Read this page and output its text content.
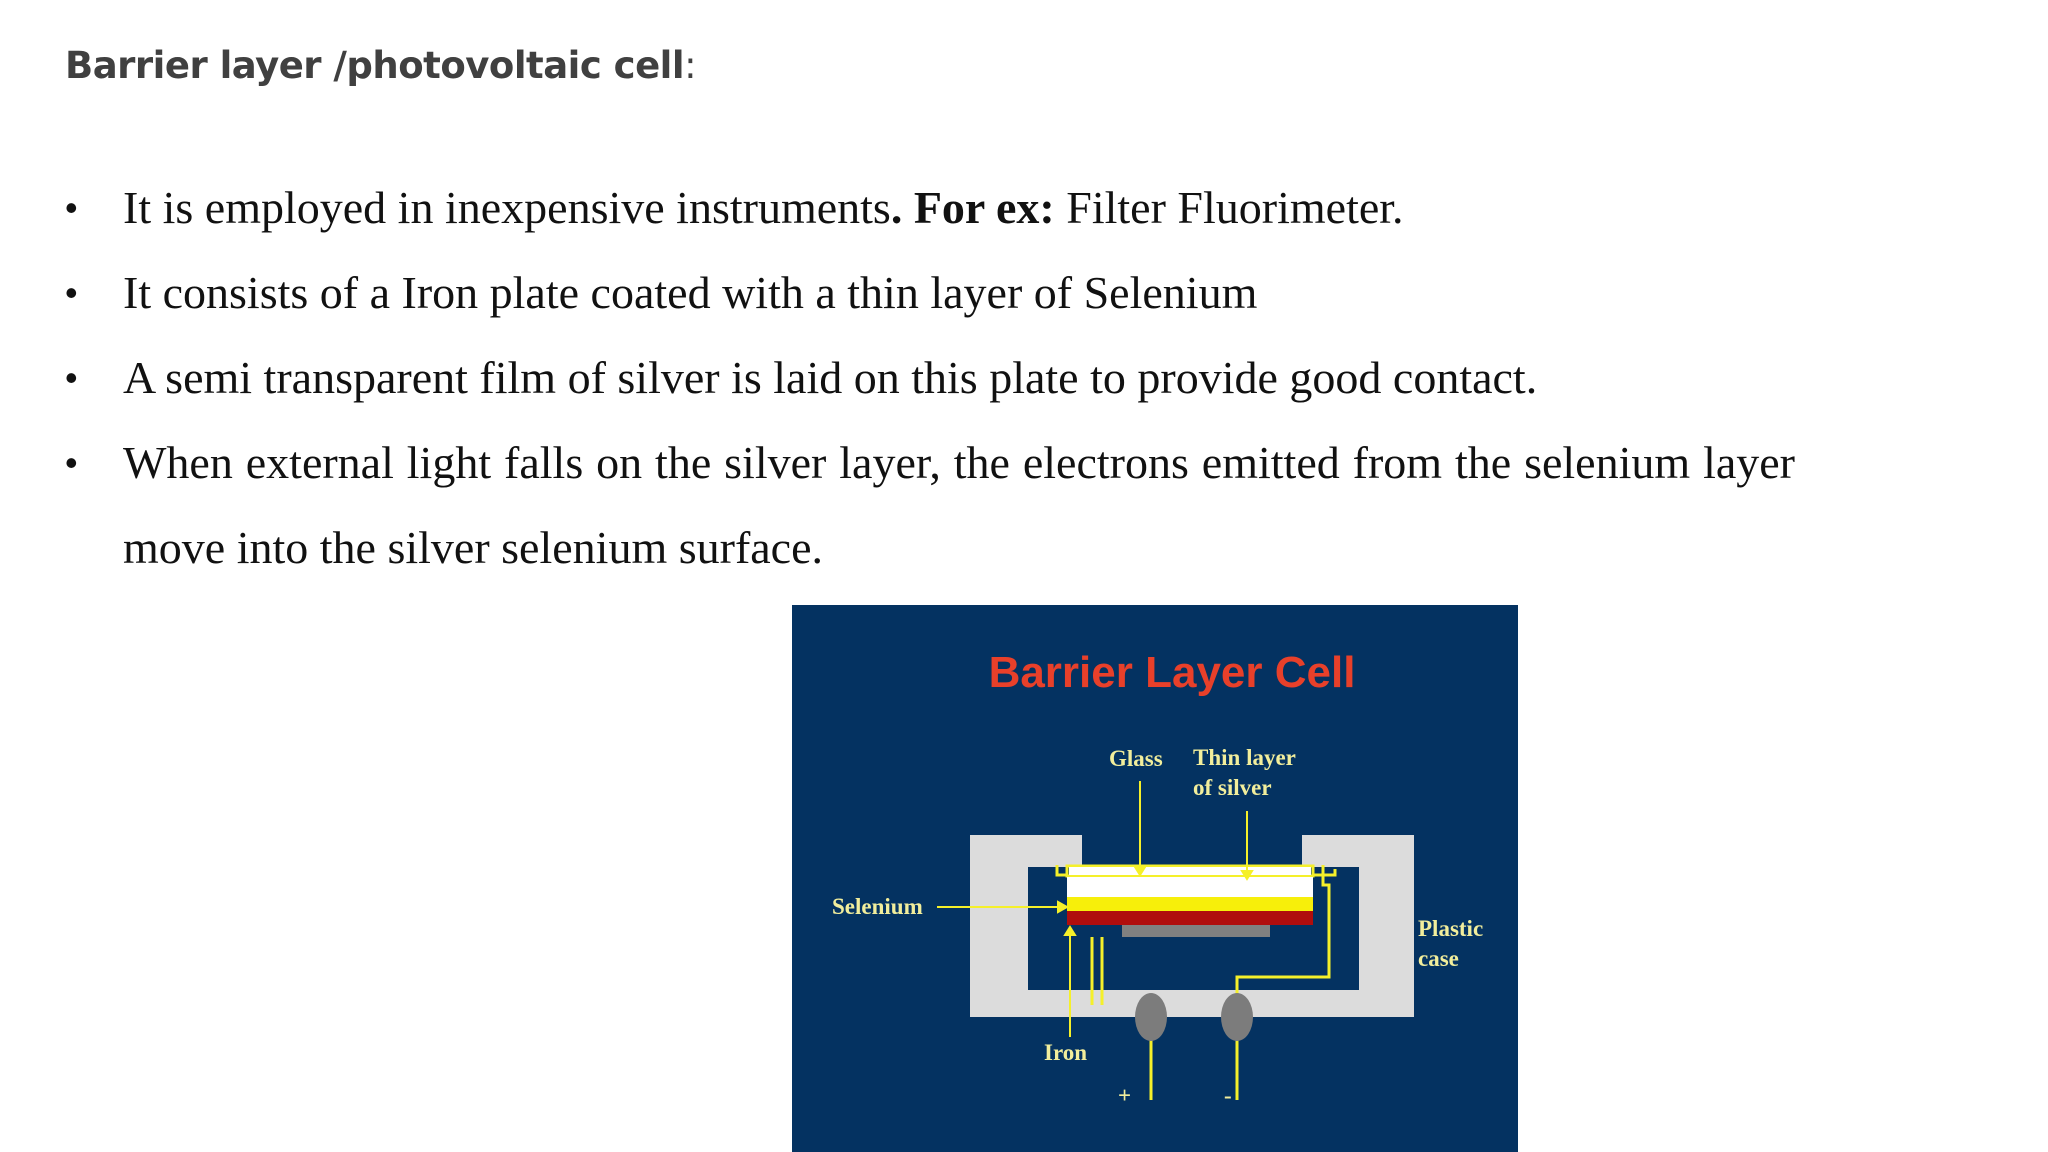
Barrier layer /photovoltaic cell:
• It is employed in inexpensive instruments. For ex: Filter Fluorimeter.
• It consists of a Iron plate coated with a thin layer of Selenium
• A semi transparent film of silver is laid on this plate to provide good contact.
• When external light falls on the silver layer, the electrons emitted from the selenium layer move into the silver selenium surface.
Barrier Layer Cell
Glass Thin layer
of silver
Selenium
Plastic
case
Iron
+	-
